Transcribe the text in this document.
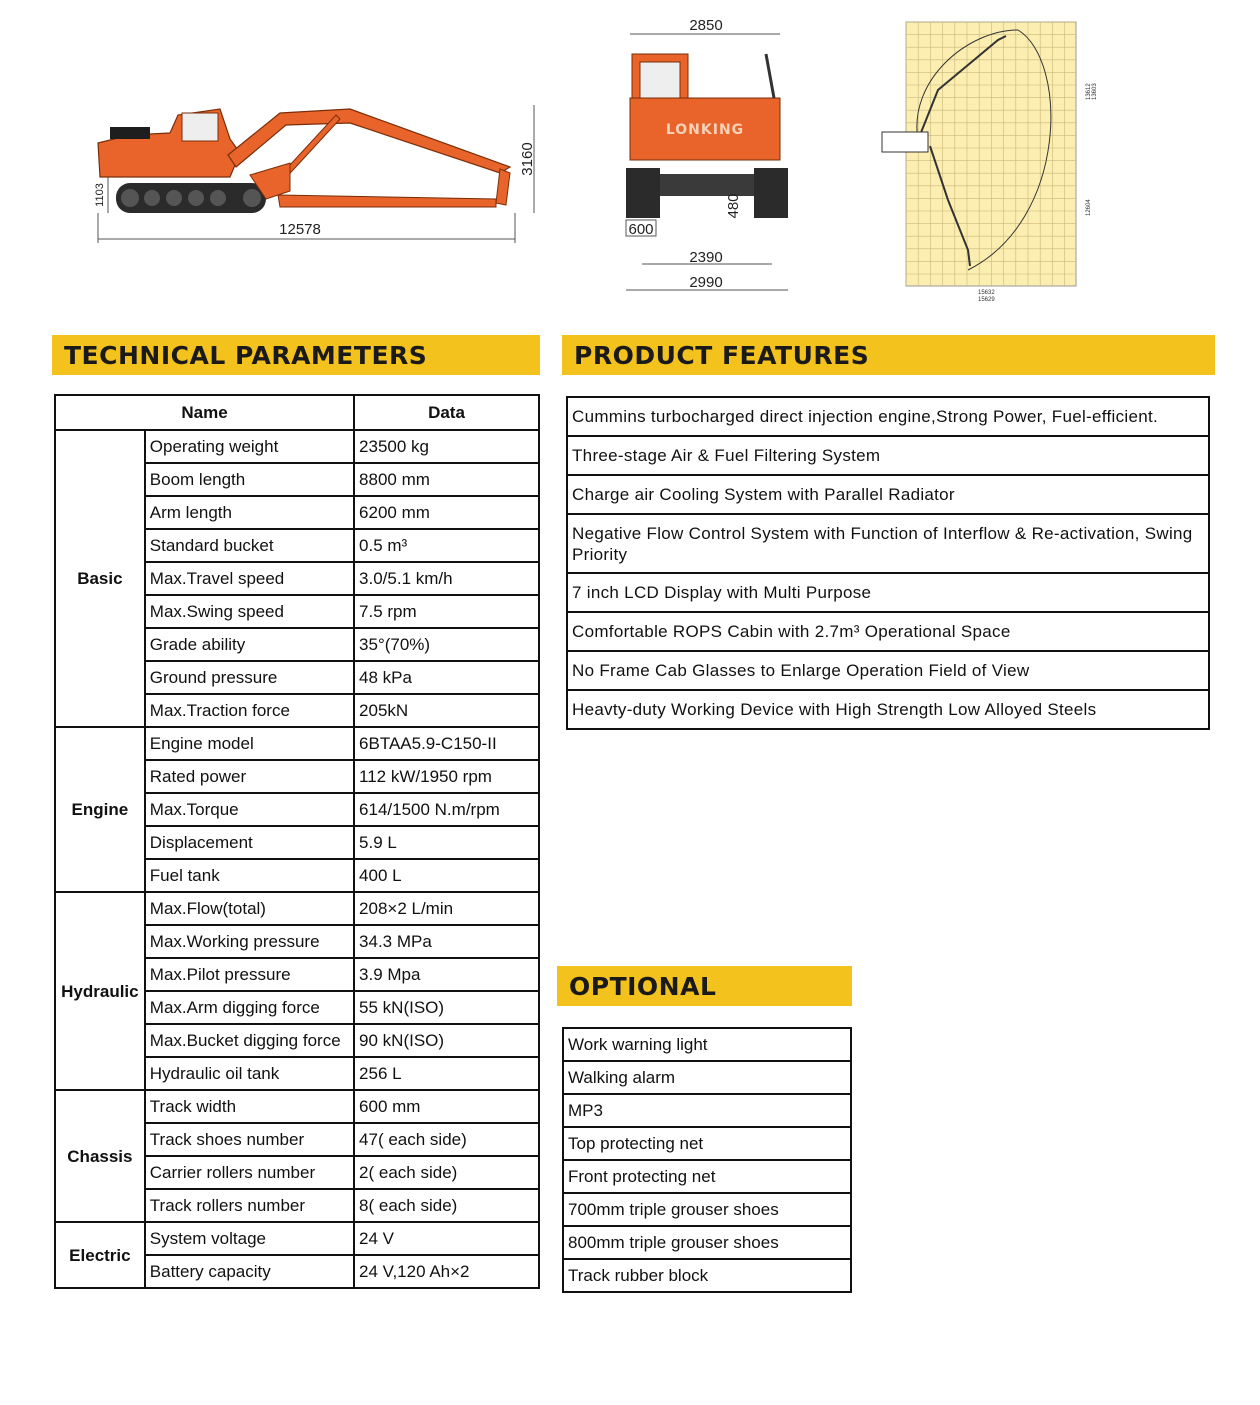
12578
3160
1103
2850
LONKING
480
600
2390
2990
13612 13603
12604
15632
15629
TECHNICAL PARAMETERS	PRODUCT FEATURES
OPTIONAL
Name		Data
Basic	Operating weight	23500 kg
	Boom length	8800 mm
	Arm length	6200 mm
	Standard bucket	0.5 m³
	Max.Travel speed	3.0/5.1 km/h
	Max.Swing speed	7.5 rpm
	Grade ability	35°(70%)
	Ground pressure	48 kPa
	Max.Traction force	205kN
Engine	Engine model	6BTAA5.9-C150-II
	Rated power	112 kW/1950 rpm
	Max.Torque	614/1500 N.m/rpm
	Displacement	5.9 L
	Fuel tank	400 L
Hydraulic	Max.Flow(total)	208×2 L/min
	Max.Working pressure	34.3 MPa
	Max.Pilot pressure	3.9 Mpa
	Max.Arm digging force	55 kN(ISO)
	Max.Bucket digging force	90 kN(ISO)
	Hydraulic oil tank	256 L
Chassis	Track width	600 mm
	Track shoes number	47( each side)
	Carrier rollers number	2( each side)
	Track rollers number	8( each side)
Electric	System voltage	24 V
	Battery capacity	24 V,120 Ah×2
Cummins turbocharged direct injection engine,Strong Power, Fuel-efficient.
Three-stage Air & Fuel Filtering System
Charge air Cooling System with Parallel Radiator
Negative Flow Control System with Function of Interflow & Re-activation, Swing Priority
7 inch LCD Display with Multi Purpose
Comfortable ROPS Cabin with 2.7m³ Operational Space
No Frame Cab Glasses to Enlarge Operation Field of View
Heavty-duty Working Device with High Strength Low Alloyed Steels
Work warning light
Walking alarm
MP3
Top protecting net
Front protecting net
700mm triple grouser shoes
800mm triple grouser shoes
Track rubber block
